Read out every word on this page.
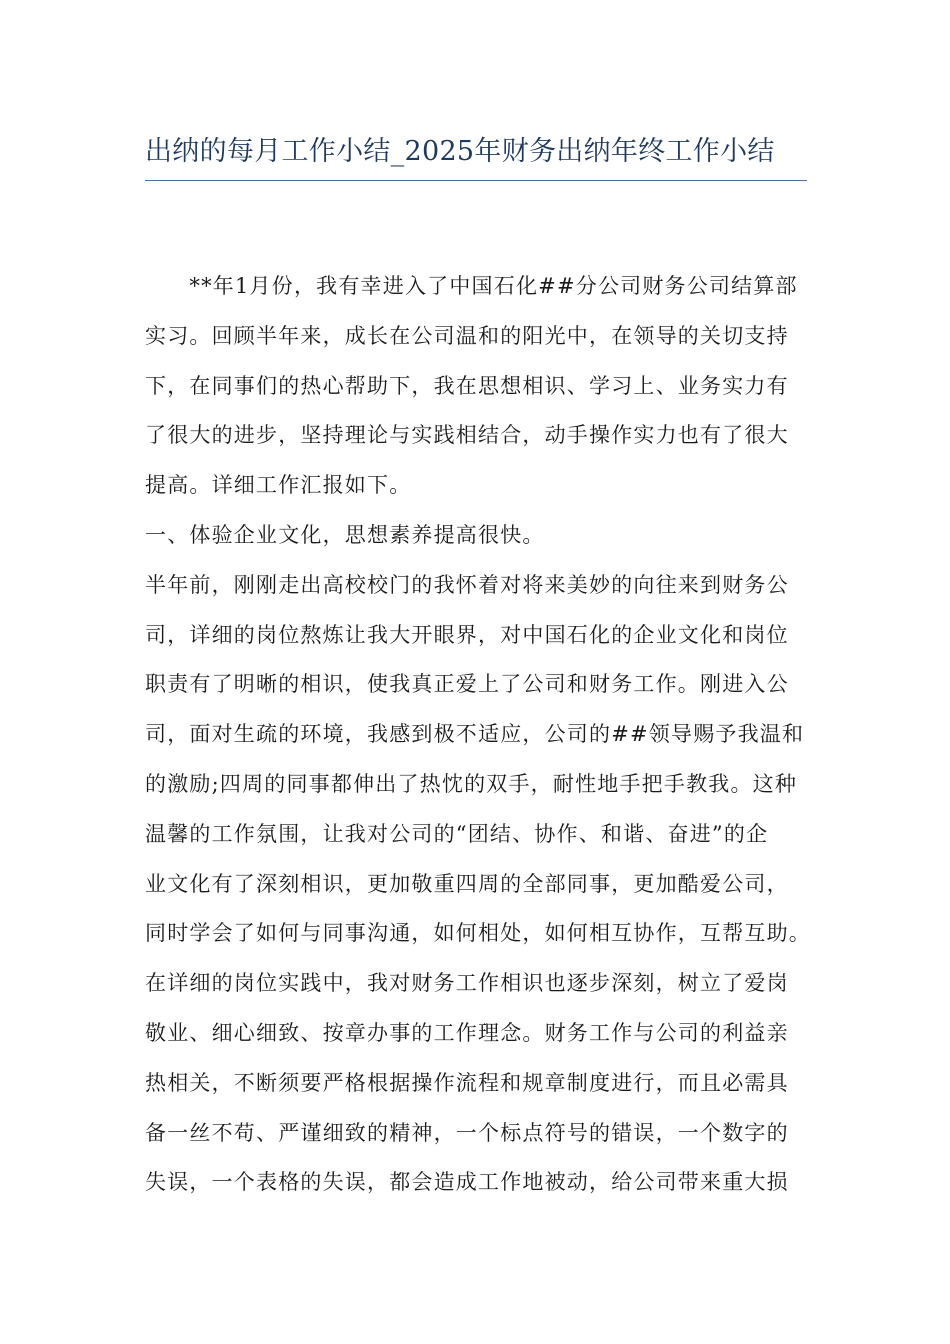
出纳的每月工作小结_2025年财务出纳年终工作小结
　　**年1月份，我有幸进入了中国石化##分公司财务公司结算部
实习。回顾半年来，成长在公司温和的阳光中，在领导的关切支持
下，在同事们的热心帮助下，我在思想相识、学习上、业务实力有
了很大的进步，坚持理论与实践相结合，动手操作实力也有了很大
提高。详细工作汇报如下。
一、体验企业文化，思想素养提高很快。
半年前，刚刚走出高校校门的我怀着对将来美妙的向往来到财务公
司，详细的岗位熬炼让我大开眼界，对中国石化的企业文化和岗位
职责有了明晰的相识，使我真正爱上了公司和财务工作。刚进入公
司，面对生疏的环境，我感到极不适应，公司的##领导赐予我温和
的激励;四周的同事都伸出了热忱的双手，耐性地手把手教我。这种
温馨的工作氛围，让我对公司的“团结、协作、和谐、奋进”的企
业文化有了深刻相识，更加敬重四周的全部同事，更加酷爱公司，
同时学会了如何与同事沟通，如何相处，如何相互协作，互帮互助。
在详细的岗位实践中，我对财务工作相识也逐步深刻，树立了爱岗
敬业、细心细致、按章办事的工作理念。财务工作与公司的利益亲
热相关，不断须要严格根据操作流程和规章制度进行，而且必需具
备一丝不苟、严谨细致的精神，一个标点符号的错误，一个数字的
失误，一个表格的失误，都会造成工作地被动，给公司带来重大损
